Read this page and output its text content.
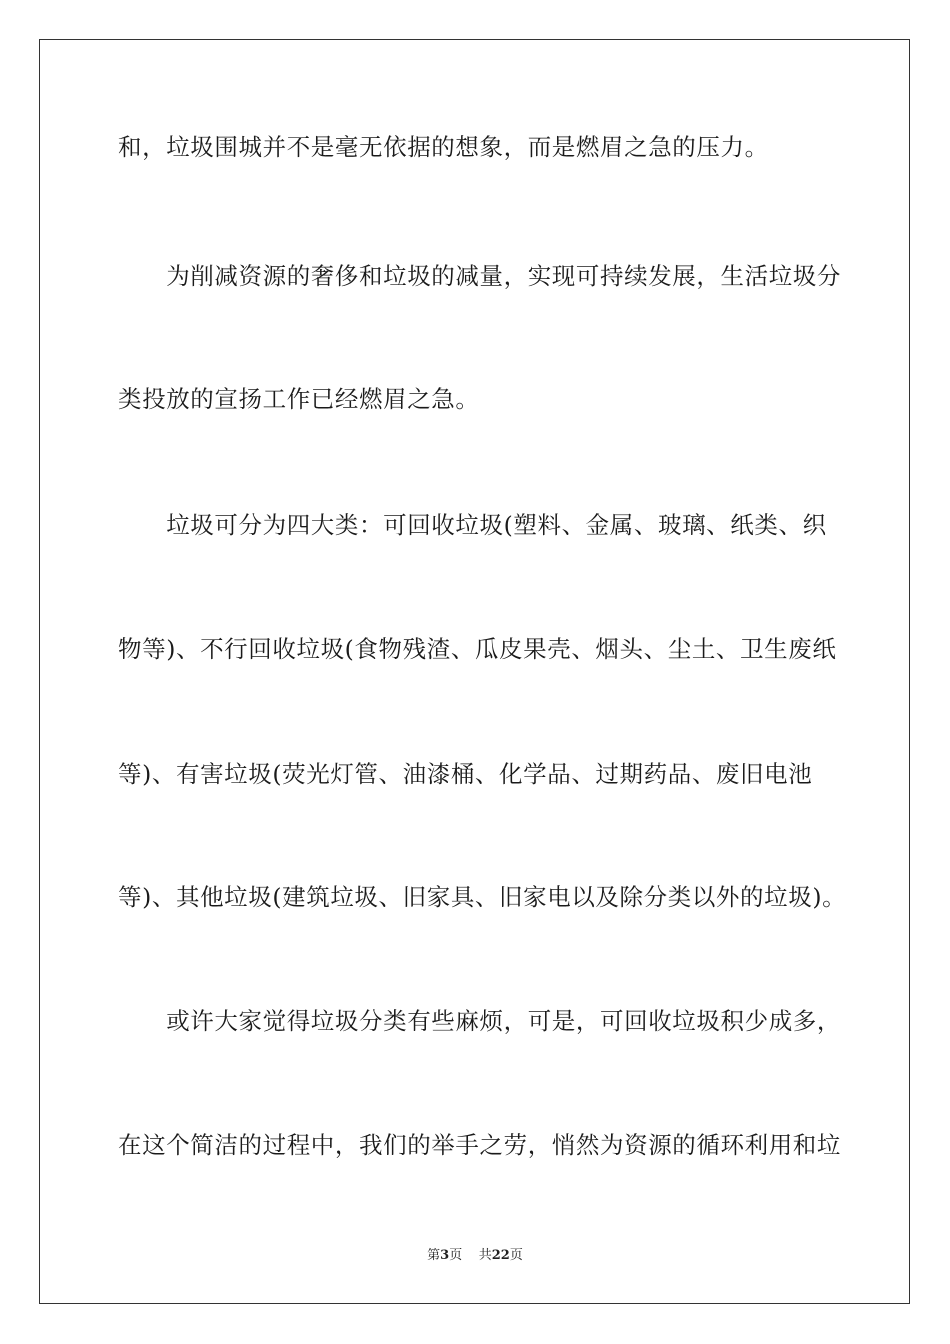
和，垃圾围城并不是毫无依据的想象，而是燃眉之急的压力。
　　为削减资源的奢侈和垃圾的减量，实现可持续发展，生活垃圾分
类投放的宣扬工作已经燃眉之急。
　　垃圾可分为四大类：可回收垃圾(塑料、金属、玻璃、纸类、织
物等)、不行回收垃圾(食物残渣、瓜皮果壳、烟头、尘土、卫生废纸
等)、有害垃圾(荧光灯管、油漆桶、化学品、过期药品、废旧电池
等)、其他垃圾(建筑垃圾、旧家具、旧家电以及除分类以外的垃圾)。
　　或许大家觉得垃圾分类有些麻烦，可是，可回收垃圾积少成多，
在这个简洁的过程中，我们的举手之劳，悄然为资源的循环利用和垃
第3页 共22页
